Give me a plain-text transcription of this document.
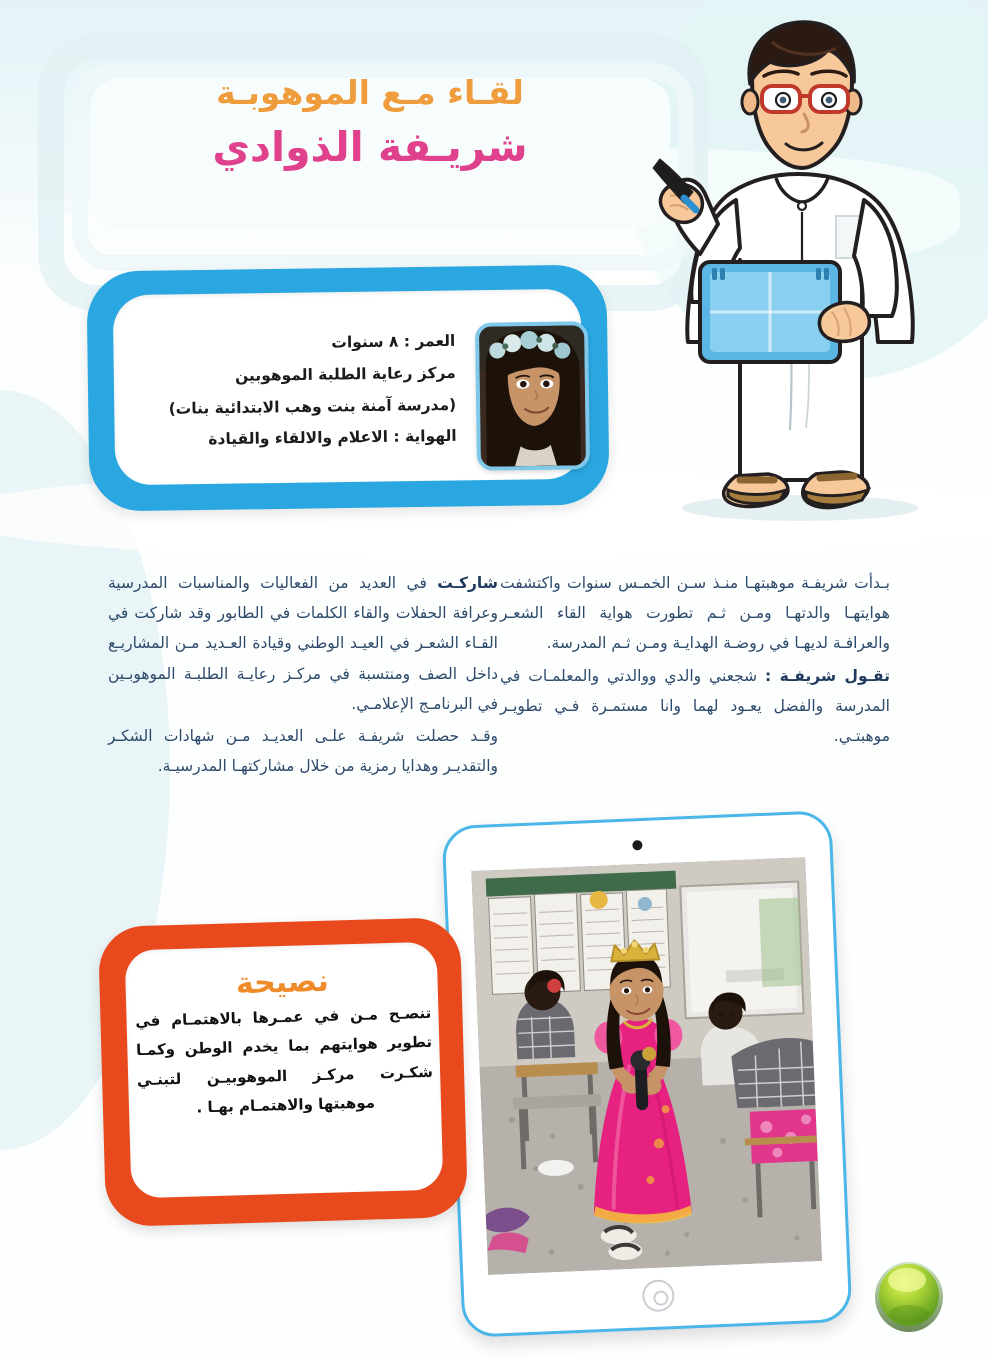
لقـاء مـع الموهوبـة
شريـفة الذوادي
العمر : ٨ سنوات
مركز رعاية الطلبة الموهوبين
(مدرسة آمنة بنت وهب الابتدائية بنات)
الهواية : الاعلام والالقاء والقيادة

بـدأت شريفـة موهبتهـا منـذ سـن الخمـس سنوات واكتشفت هوايتهـا والدتهـا ومـن ثـم تطورت هواية القاء الشعـر والعرافـة لديهـا في روضـة الهدايـة ومـن ثـم المدرسة.

تقـول شريفـة : شجعني والدي ووالدتي والمعلمـات في المدرسة والفضل يعـود لهما وانا مستمـرة فـي تطويـر موهبتـي.

شاركـت في العديد من الفعاليات والمناسبات المدرسية وعرافة الحفلات والقاء الكلمات في الطابور وقد شاركت في القـاء الشعـر في العيـد الوطني وقيادة العـديد مـن المشاريـع داخل الصف ومنتسبة في مركـز رعايـة الطلبـة الموهوبـين في البرنامـج الإعلامـي.

وقـد حصلت شريفـة علـى العديـد مـن شهادات الشكـر والتقديـر وهدايا رمزية من خلال مشاركتهـا المدرسيـة.

نصيحة
تنصـح مـن في عمـرها بالاهتمـام في تطوير هوايتهم بما يخدم الوطن وكمـا شكـرت مركـز الموهوبيـن لتبنـي موهبتها والاهتمـام بهـا .
